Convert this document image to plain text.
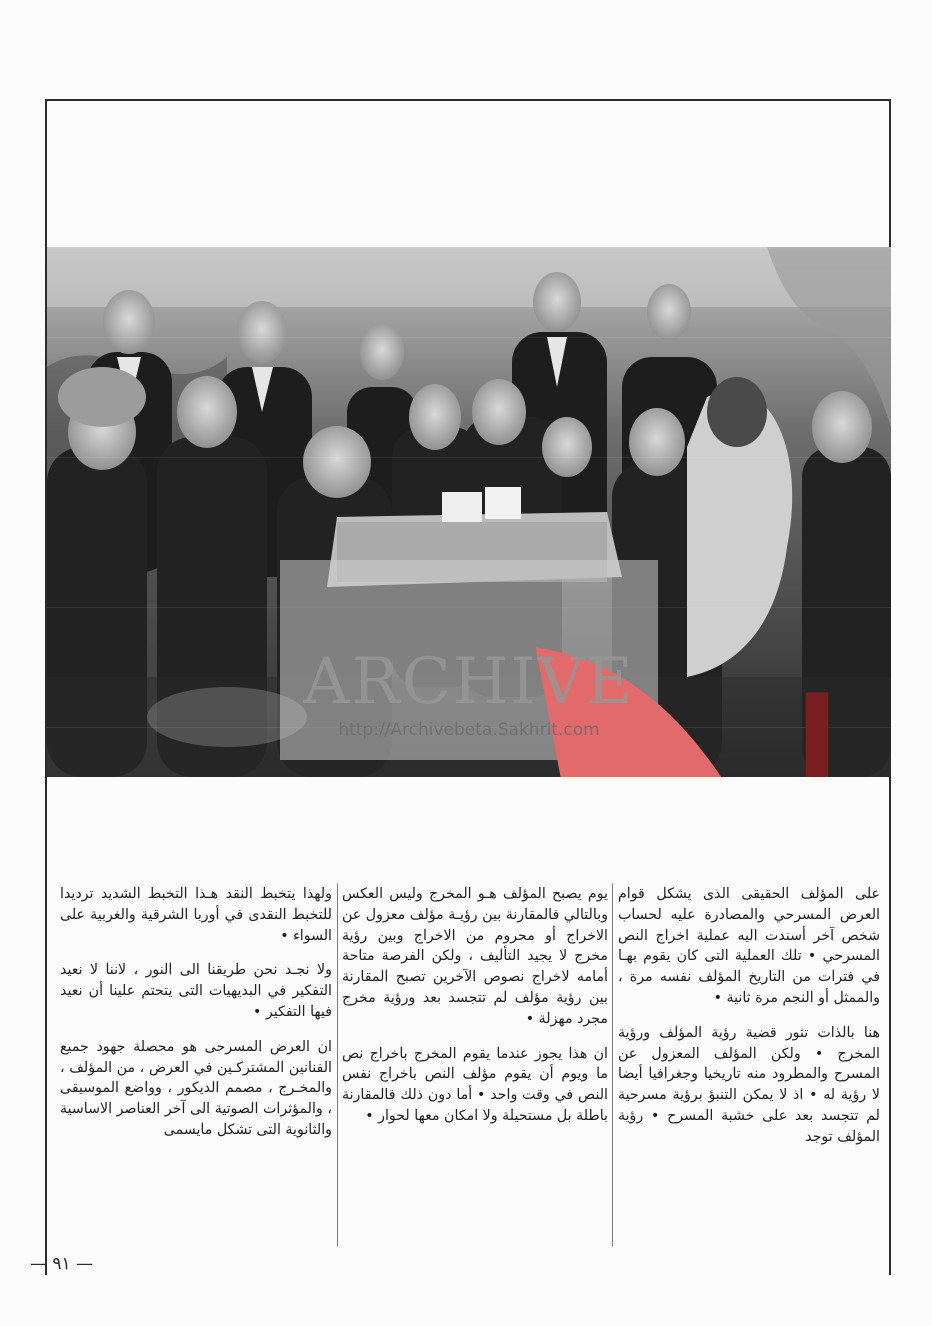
ARCHIVE
http://Archivebeta.Sakhrit.com

على المؤلف الحقيقى الذى يشكل قوام العرض المسرحي والمصادرة عليه لحساب شخص آخر أسندت اليه عملية اخراج النص المسرحي • تلك العملية التى كان يقوم بهـا في فترات من التاريخ المؤلف نفسه مرة ، والممثل أو النجم مرة ثانية •

هنا بالذات تثور قضية رؤية المؤلف ورؤية المخرج • ولكن المؤلف المعزول عن المسرح والمطرود منه تاريخيا وجغرافيا أيضا لا رؤية له • اذ لا يمكن التنبؤ برؤية مسرحية لم تتجسد بعد على خشبة المسرح • رؤية المؤلف توجد

يوم يصبح المؤلف هـو المخرج وليس العكس وبالتالي فالمقارنة بين رؤيـة مؤلف معزول عن الاخراج أو محروم من الاخراج وبين رؤية مخرج لا يجيد التأليف ، ولكن الفرصة متاحة أمامه لاخراج نصوص الآخرين تصبح المقارنة بين رؤية مؤلف لم تتجسد بعد ورؤية مخرج مجرد مهزلة •

ان هذا يجوز عندما يقوم المخرج باخراج نص ما ويوم أن يقوم مؤلف النص باخراج نفس النص في وقت واحد • أما دون ذلك فالمقارنة باطلة بل مستحيلة ولا امكان معها لحوار •

ولهذا يتخبط النقد هـذا التخبط الشديد ترديدا للتخبط النقدى في أوربا الشرقية والغربية على السواء •

ولا نجـد نحن طريقنا الى النور ، لاننا لا نعيد التفكير في البديهيات التى يتحتم علينا أن نعيد فيها التفكير •

ان العرض المسرحى هو محصلة جهود جميع الفنانين المشتركـين في العرض ، من المؤلف ، والمخـرج ، مصمم الديكور ، وواضع الموسيقى ، والمؤثرات الصوتية الى آخر العناصر الاساسية والثانوية التى تشكل مايسمى

— ٩١ —
